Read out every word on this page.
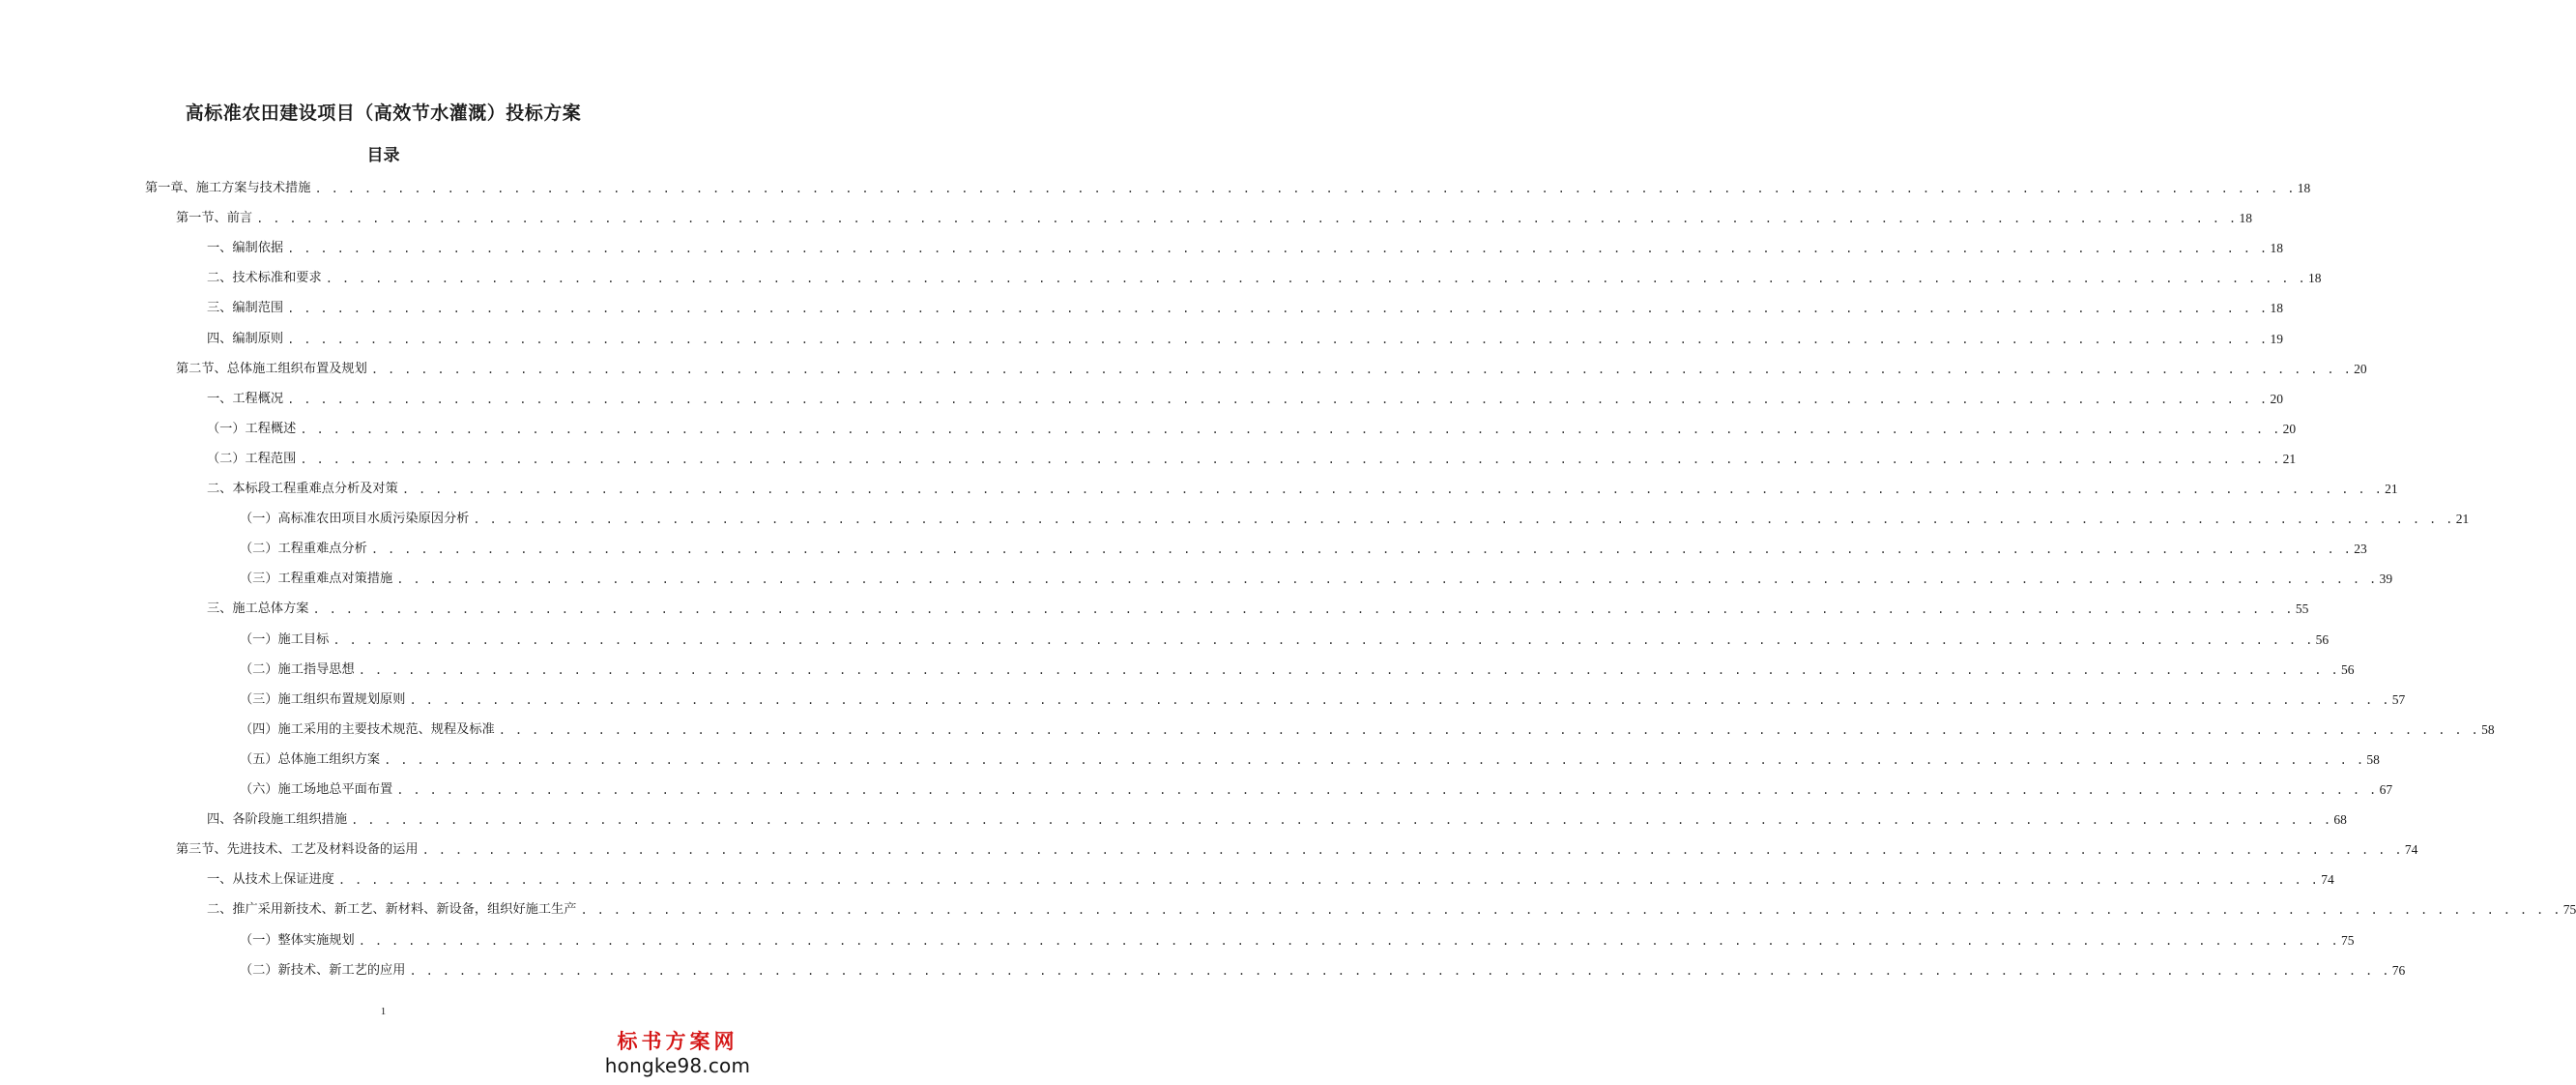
高标准农田建设项目（高效节水灌溉）投标方案
目录
第一章、施工方案与技术措施 . . . . . . . . . . . . . . . . . . . . . . . . . . . . . . . . . . . . . . . . . . . . . . . . . . . . . . . . . . . . . . . . . . . . . . . . . . . . . . . . . . . . . . . . . . . . . . . . . . . . . . . . . . . . . . . . . . . . . . . . 18
第一节、前言 . . . . . . . . . . . . . . . . . . . . . . . . . . . . . . . . . . . . . . . . . . . . . . . . . . . . . . . . . . . . . . . . . . . . . . . . . . . . . . . . . . . . . . . . . . . . . . . . . . . . . . . . . . . . . . . . . . . . . . . . 18
一、编制依据 . . . . . . . . . . . . . . . . . . . . . . . . . . . . . . . . . . . . . . . . . . . . . . . . . . . . . . . . . . . . . . . . . . . . . . . . . . . . . . . . . . . . . . . . . . . . . . . . . . . . . . . . . . . . . . . . . . . . . . . . 18
二、技术标准和要求 . . . . . . . . . . . . . . . . . . . . . . . . . . . . . . . . . . . . . . . . . . . . . . . . . . . . . . . . . . . . . . . . . . . . . . . . . . . . . . . . . . . . . . . . . . . . . . . . . . . . . . . . . . . . . . . . . . . . . . . . 18
三、编制范围 . . . . . . . . . . . . . . . . . . . . . . . . . . . . . . . . . . . . . . . . . . . . . . . . . . . . . . . . . . . . . . . . . . . . . . . . . . . . . . . . . . . . . . . . . . . . . . . . . . . . . . . . . . . . . . . . . . . . . . . . 18
四、编制原则 . . . . . . . . . . . . . . . . . . . . . . . . . . . . . . . . . . . . . . . . . . . . . . . . . . . . . . . . . . . . . . . . . . . . . . . . . . . . . . . . . . . . . . . . . . . . . . . . . . . . . . . . . . . . . . . . . . . . . . . . 19
第二节、总体施工组织布置及规划 . . . . . . . . . . . . . . . . . . . . . . . . . . . . . . . . . . . . . . . . . . . . . . . . . . . . . . . . . . . . . . . . . . . . . . . . . . . . . . . . . . . . . . . . . . . . . . . . . . . . . . . . . . . . . . . . . . . . . . . . 20
一、工程概况 . . . . . . . . . . . . . . . . . . . . . . . . . . . . . . . . . . . . . . . . . . . . . . . . . . . . . . . . . . . . . . . . . . . . . . . . . . . . . . . . . . . . . . . . . . . . . . . . . . . . . . . . . . . . . . . . . . . . . . . . 20
（一）工程概述 . . . . . . . . . . . . . . . . . . . . . . . . . . . . . . . . . . . . . . . . . . . . . . . . . . . . . . . . . . . . . . . . . . . . . . . . . . . . . . . . . . . . . . . . . . . . . . . . . . . . . . . . . . . . . . . . . . . . . . . . 20
（二）工程范围 . . . . . . . . . . . . . . . . . . . . . . . . . . . . . . . . . . . . . . . . . . . . . . . . . . . . . . . . . . . . . . . . . . . . . . . . . . . . . . . . . . . . . . . . . . . . . . . . . . . . . . . . . . . . . . . . . . . . . . . . 21
二、本标段工程重难点分析及对策 . . . . . . . . . . . . . . . . . . . . . . . . . . . . . . . . . . . . . . . . . . . . . . . . . . . . . . . . . . . . . . . . . . . . . . . . . . . . . . . . . . . . . . . . . . . . . . . . . . . . . . . . . . . . . . . . . . . . . . . . 21
（一）高标准农田项目水质污染原因分析 . . . . . . . . . . . . . . . . . . . . . . . . . . . . . . . . . . . . . . . . . . . . . . . . . . . . . . . . . . . . . . . . . . . . . . . . . . . . . . . . . . . . . . . . . . . . . . . . . . . . . . . . . . . . . . . . . . . . . . . . 21
（二）工程重难点分析 . . . . . . . . . . . . . . . . . . . . . . . . . . . . . . . . . . . . . . . . . . . . . . . . . . . . . . . . . . . . . . . . . . . . . . . . . . . . . . . . . . . . . . . . . . . . . . . . . . . . . . . . . . . . . . . . . . . . . . . . 23
（三）工程重难点对策措施 . . . . . . . . . . . . . . . . . . . . . . . . . . . . . . . . . . . . . . . . . . . . . . . . . . . . . . . . . . . . . . . . . . . . . . . . . . . . . . . . . . . . . . . . . . . . . . . . . . . . . . . . . . . . . . . . . . . . . . . . 39
三、施工总体方案 . . . . . . . . . . . . . . . . . . . . . . . . . . . . . . . . . . . . . . . . . . . . . . . . . . . . . . . . . . . . . . . . . . . . . . . . . . . . . . . . . . . . . . . . . . . . . . . . . . . . . . . . . . . . . . . . . . . . . . . . 55
（一）施工目标 . . . . . . . . . . . . . . . . . . . . . . . . . . . . . . . . . . . . . . . . . . . . . . . . . . . . . . . . . . . . . . . . . . . . . . . . . . . . . . . . . . . . . . . . . . . . . . . . . . . . . . . . . . . . . . . . . . . . . . . . 56
（二）施工指导思想 . . . . . . . . . . . . . . . . . . . . . . . . . . . . . . . . . . . . . . . . . . . . . . . . . . . . . . . . . . . . . . . . . . . . . . . . . . . . . . . . . . . . . . . . . . . . . . . . . . . . . . . . . . . . . . . . . . . . . . . . 56
（三）施工组织布置规划原则 . . . . . . . . . . . . . . . . . . . . . . . . . . . . . . . . . . . . . . . . . . . . . . . . . . . . . . . . . . . . . . . . . . . . . . . . . . . . . . . . . . . . . . . . . . . . . . . . . . . . . . . . . . . . . . . . . . . . . . . . 57
（四）施工采用的主要技术规范、规程及标准 . . . . . . . . . . . . . . . . . . . . . . . . . . . . . . . . . . . . . . . . . . . . . . . . . . . . . . . . . . . . . . . . . . . . . . . . . . . . . . . . . . . . . . . . . . . . . . . . . . . . . . . . . . . . . . . . . . . . . . . . 58
（五）总体施工组织方案 . . . . . . . . . . . . . . . . . . . . . . . . . . . . . . . . . . . . . . . . . . . . . . . . . . . . . . . . . . . . . . . . . . . . . . . . . . . . . . . . . . . . . . . . . . . . . . . . . . . . . . . . . . . . . . . . . . . . . . . . 58
（六）施工场地总平面布置 . . . . . . . . . . . . . . . . . . . . . . . . . . . . . . . . . . . . . . . . . . . . . . . . . . . . . . . . . . . . . . . . . . . . . . . . . . . . . . . . . . . . . . . . . . . . . . . . . . . . . . . . . . . . . . . . . . . . . . . . 67
四、各阶段施工组织措施 . . . . . . . . . . . . . . . . . . . . . . . . . . . . . . . . . . . . . . . . . . . . . . . . . . . . . . . . . . . . . . . . . . . . . . . . . . . . . . . . . . . . . . . . . . . . . . . . . . . . . . . . . . . . . . . . . . . . . . . . 68
第三节、先进技术、工艺及材料设备的运用 . . . . . . . . . . . . . . . . . . . . . . . . . . . . . . . . . . . . . . . . . . . . . . . . . . . . . . . . . . . . . . . . . . . . . . . . . . . . . . . . . . . . . . . . . . . . . . . . . . . . . . . . . . . . . . . . . . . . . . . . 74
一、从技术上保证进度 . . . . . . . . . . . . . . . . . . . . . . . . . . . . . . . . . . . . . . . . . . . . . . . . . . . . . . . . . . . . . . . . . . . . . . . . . . . . . . . . . . . . . . . . . . . . . . . . . . . . . . . . . . . . . . . . . . . . . . . . 74
二、推广采用新技术、新工艺、新材料、新设备，组织好施工生产 . . . . . . . . . . . . . . . . . . . . . . . . . . . . . . . . . . . . . . . . . . . . . . . . . . . . . . . . . . . . . . . . . . . . . . . . . . . . . . . . . . . . . . . . . . . . . . . . . . . . . . . . . . . . . . . . . . . . . . . . 75
（一）整体实施规划 . . . . . . . . . . . . . . . . . . . . . . . . . . . . . . . . . . . . . . . . . . . . . . . . . . . . . . . . . . . . . . . . . . . . . . . . . . . . . . . . . . . . . . . . . . . . . . . . . . . . . . . . . . . . . . . . . . . . . . . . 75
（二）新技术、新工艺的应用 . . . . . . . . . . . . . . . . . . . . . . . . . . . . . . . . . . . . . . . . . . . . . . . . . . . . . . . . . . . . . . . . . . . . . . . . . . . . . . . . . . . . . . . . . . . . . . . . . . . . . . . . . . . . . . . . . . . . . . . . 76
1
标书方案网
hongke98.com
